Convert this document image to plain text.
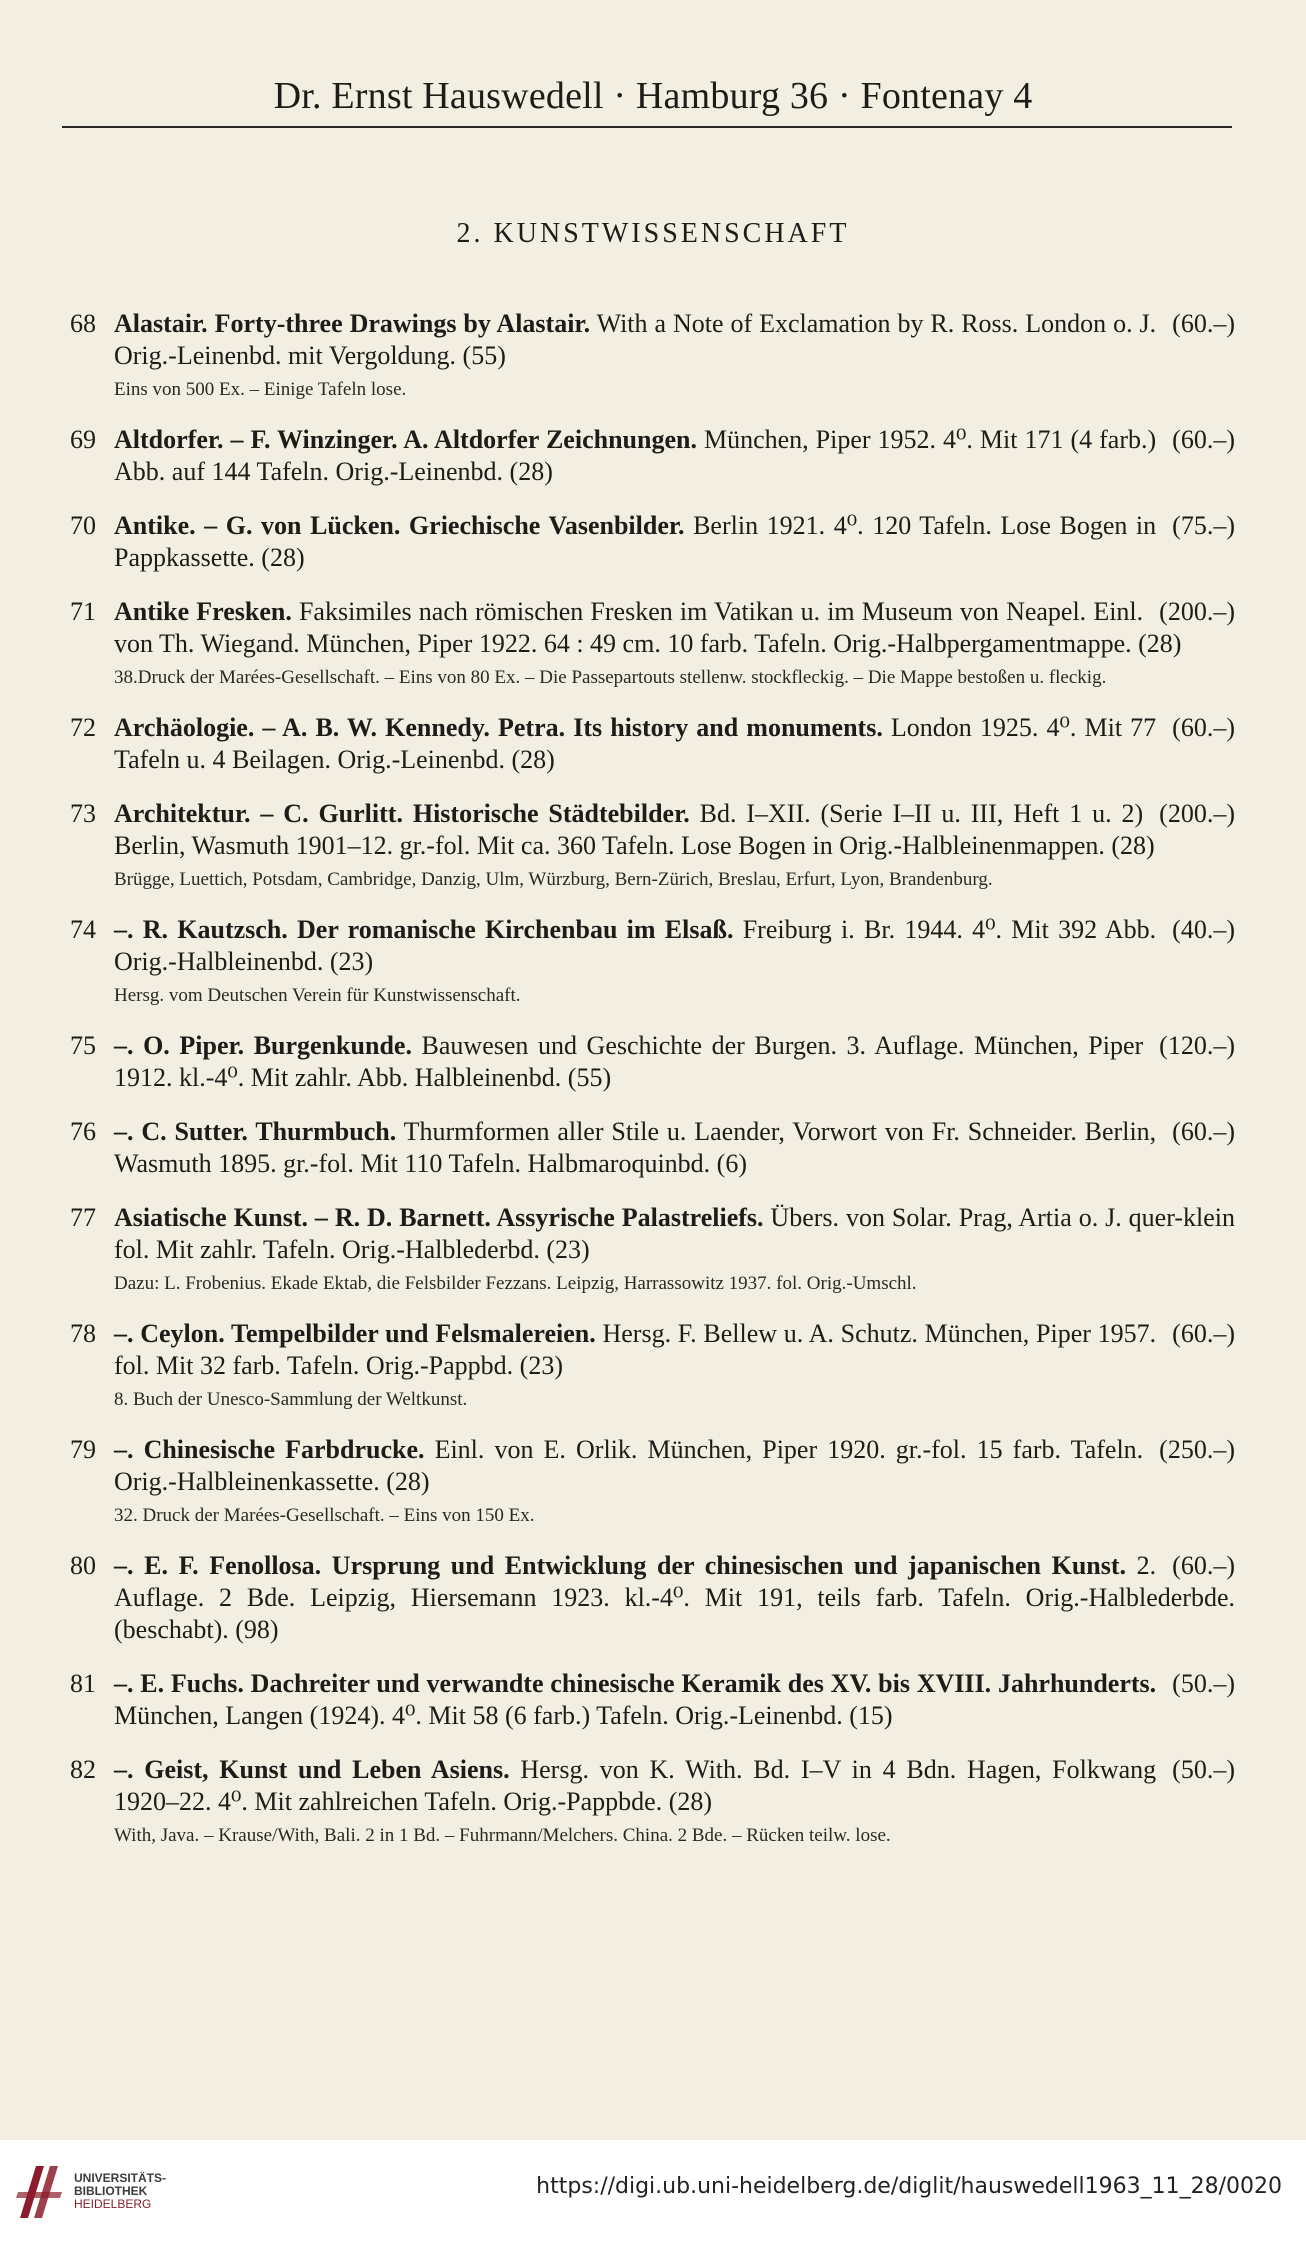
Dr. Ernst Hauswedell · Hamburg 36 · Fontenay 4
2. KUNSTWISSENSCHAFT
68	(60.–)
Alastair. Forty-three Drawings by Alastair. With a Note of Exclamation by R. Ross. London o. J. Orig.-Leinenbd. mit Vergoldung. (55)
Eins von 500 Ex. – Einige Tafeln lose.
69	(60.–)
Altdorfer. – F. Winzinger. A. Altdorfer Zeichnungen. München, Piper 1952. 4⁰. Mit 171 (4 farb.) Abb. auf 144 Tafeln. Orig.-Leinenbd. (28)
70	(75.–)
Antike. – G. von Lücken. Griechische Vasenbilder. Berlin 1921. 4⁰. 120 Tafeln. Lose Bogen in Pappkassette. (28)
71	(200.–)
Antike Fresken. Faksimiles nach römischen Fresken im Vatikan u. im Museum von Neapel. Einl. von Th. Wiegand. München, Piper 1922. 64 : 49 cm. 10 farb. Tafeln. Orig.-Halbpergamentmappe. (28)
38.Druck der Marées-Gesellschaft. – Eins von 80 Ex. – Die Passepartouts stellenw. stockfleckig. – Die Mappe bestoßen u. fleckig.
72	(60.–)
Archäologie. – A. B. W. Kennedy. Petra. Its history and monuments. London 1925. 4⁰. Mit 77 Tafeln u. 4 Beilagen. Orig.-Leinenbd. (28)
73	(200.–)
Architektur. – C. Gurlitt. Historische Städtebilder. Bd. I–XII. (Serie I–II u. III, Heft 1 u. 2) Berlin, Wasmuth 1901–12. gr.-fol. Mit ca. 360 Tafeln. Lose Bogen in Orig.-Halbleinenmappen. (28)
Brügge, Luettich, Potsdam, Cambridge, Danzig, Ulm, Würzburg, Bern-Zürich, Breslau, Erfurt, Lyon, Brandenburg.
74	(40.–)
–. R. Kautzsch. Der romanische Kirchenbau im Elsaß. Freiburg i. Br. 1944. 4⁰. Mit 392 Abb. Orig.-Halbleinenbd. (23)
Hersg. vom Deutschen Verein für Kunstwissenschaft.
75	(120.–)
–. O. Piper. Burgenkunde. Bauwesen und Geschichte der Burgen. 3. Auflage. München, Piper 1912. kl.-4⁰. Mit zahlr. Abb. Halbleinenbd. (55)
76	(60.–)
–. C. Sutter. Thurmbuch. Thurmformen aller Stile u. Laender, Vorwort von Fr. Schneider. Berlin, Wasmuth 1895. gr.-fol. Mit 110 Tafeln. Halbmaroquinbd. (6)
77 Asiatische Kunst. – R. D. Barnett. Assyrische Palastreliefs. Übers. von Solar. Prag, Artia o. J. quer-klein fol. Mit zahlr. Tafeln. Orig.-Halblederbd. (23)
Dazu: L. Frobenius. Ekade Ektab, die Felsbilder Fezzans. Leipzig, Harrassowitz 1937. fol. Orig.-Umschl.
78	(60.–)
–. Ceylon. Tempelbilder und Felsmalereien. Hersg. F. Bellew u. A. Schutz. München, Piper 1957. fol. Mit 32 farb. Tafeln. Orig.-Pappbd. (23)
8. Buch der Unesco-Sammlung der Weltkunst.
79	(250.–)
–. Chinesische Farbdrucke. Einl. von E. Orlik. München, Piper 1920. gr.-fol. 15 farb. Tafeln. Orig.-Halbleinenkassette. (28)
32. Druck der Marées-Gesellschaft. – Eins von 150 Ex.
80	(60.–)
–. E. F. Fenollosa. Ursprung und Entwicklung der chinesischen und japanischen Kunst. 2. Auflage. 2 Bde. Leipzig, Hiersemann 1923. kl.-4⁰. Mit 191, teils farb. Tafeln. Orig.-Halblederbde. (beschabt). (98)
81	(50.–)
–. E. Fuchs. Dachreiter und verwandte chinesische Keramik des XV. bis XVIII. Jahrhunderts. München, Langen (1924). 4⁰. Mit 58 (6 farb.) Tafeln. Orig.-Leinenbd. (15)
82	(50.–)
–. Geist, Kunst und Leben Asiens. Hersg. von K. With. Bd. I–V in 4 Bdn. Hagen, Folkwang 1920–22. 4⁰. Mit zahlreichen Tafeln. Orig.-Pappbde. (28)
With, Java. – Krause/With, Bali. 2 in 1 Bd. – Fuhrmann/Melchers. China. 2 Bde. – Rücken teilw. lose.
UNIVERSITÄTS-
BIBLIOTHEK
HEIDELBERG
https://digi.ub.uni-heidelberg.de/diglit/hauswedell1963_11_28/0020
